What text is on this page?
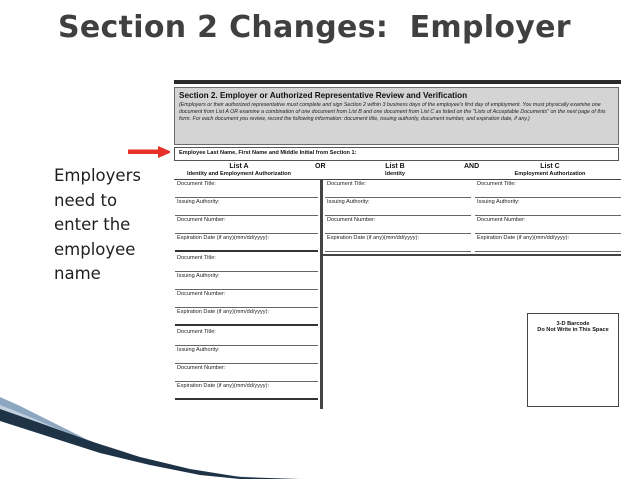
Section 2 Changes:  Employer
Employers
need to
enter the
employee
name
Section 2. Employer or Authorized Representative Review and Verification
(Employers or their authorized representative must complete and sign Section 2 within 3 business days of the employee's first day of employment. You must physically examine one document from List A OR examine a combination of one document from List B and one document from List C as listed on the "Lists of Acceptable Documents" on the next page of this form. For each document you review, record the following information: document title, issuing authority, document number, and expiration date, if any.)
Employee Last Name, First Name and Middle Initial from Section 1:
List A
Identity and Employment Authorization
OR	List B
Identity
AND	List C
Employment Authorization
Document Title:
Issuing Authority:
Document Number:
Expiration Date (if any)(mm/dd/yyyy):
Document Title:
Issuing Authority:
Document Number:
Expiration Date (if any)(mm/dd/yyyy):
Document Title:
Issuing Authority:
Document Number:
Expiration Date (if any)(mm/dd/yyyy):
Document Title:
Issuing Authority:
Document Number:
Expiration Date (if any)(mm/dd/yyyy):
Document Title:
Issuing Authority:
Document Number:
Expiration Date (if any)(mm/dd/yyyy):
3-D Barcode
Do Not Write in This Space
